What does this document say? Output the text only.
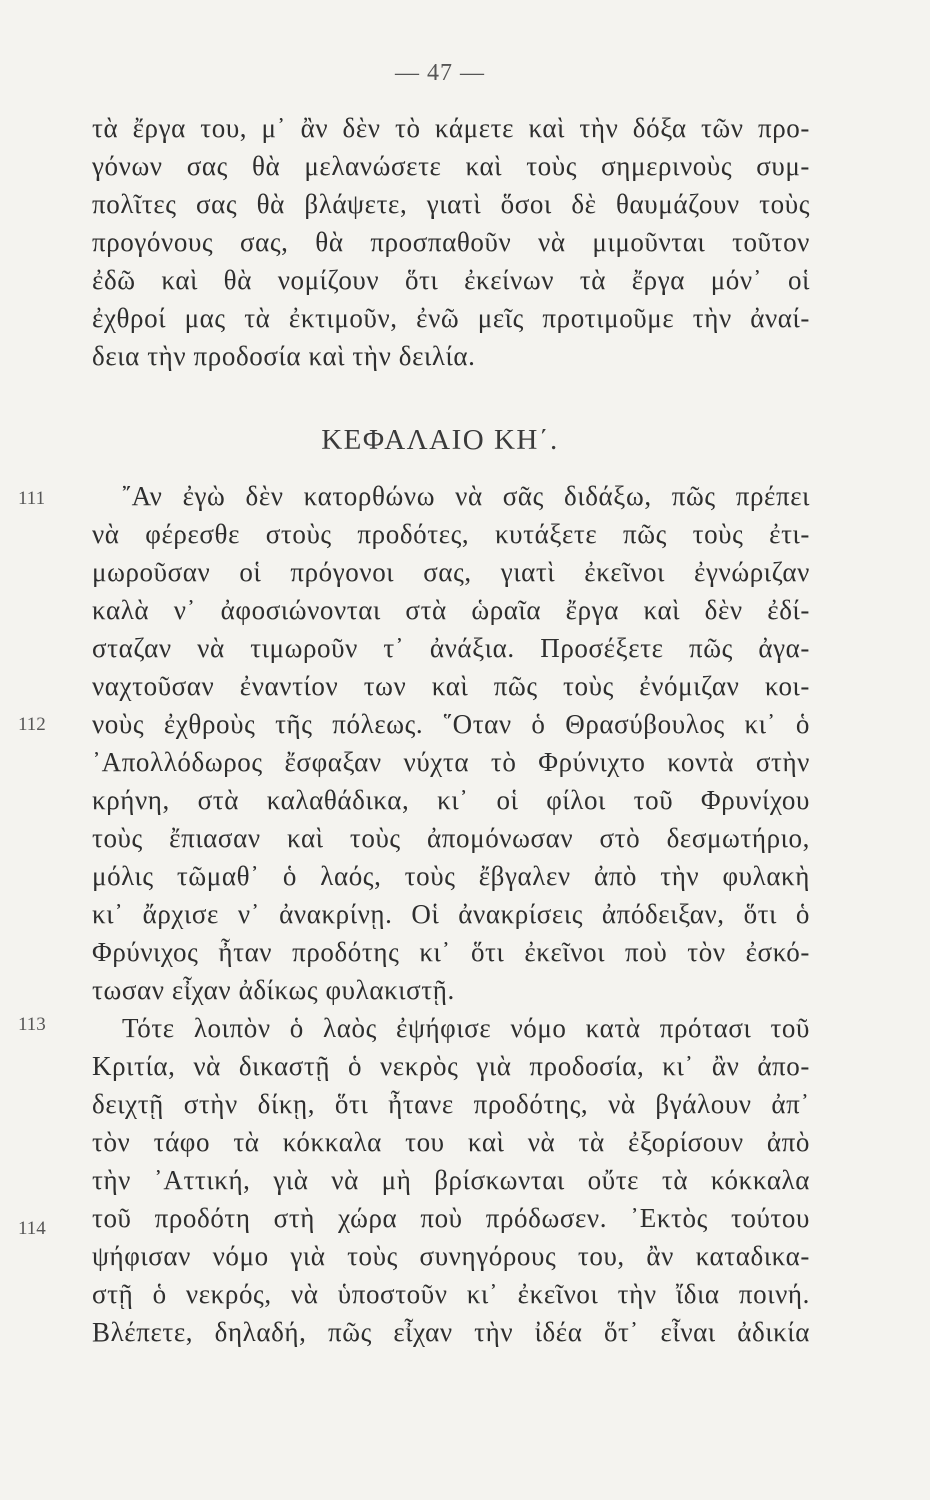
— 47 —
τὰ ἔργα του, μ᾽ ἂν δὲν τὸ κάμετε καὶ τὴν δόξα τῶν προ-
γόνων σας θὰ μελανώσετε καὶ τοὺς σημερινοὺς συμ-
πολῖτες σας θὰ βλάψετε, γιατὶ ὅσοι δὲ θαυμάζουν τοὺς
προγόνους σας, θὰ προσπαθοῦν νὰ μιμοῦνται τοῦτον
ἐδῶ καὶ θὰ νομίζουν ὅτι ἐκείνων τὰ ἔργα μόν᾽ οἱ
ἐχθροί μας τὰ ἐκτιμοῦν, ἐνῶ μεῖς προτιμοῦμε τὴν ἀναί-
δεια τὴν προδοσία καὶ τὴν δειλία.
ΚΕΦΑΛΑΙΟ ΚΗ΄.
111
112
113
114
῎Αν ἐγὼ δὲν κατορθώνω νὰ σᾶς διδάξω, πῶς πρέπει
νὰ φέρεσθε στοὺς προδότες, κυτάξετε πῶς τοὺς ἐτι-
μωροῦσαν οἱ πρόγονοι σας, γιατὶ ἐκεῖνοι ἐγνώριζαν
καλὰ ν᾽ ἀφοσιώνονται στὰ ὡραῖα ἔργα καὶ δὲν ἐδί-
σταζαν νὰ τιμωροῦν τ᾽ ἀνάξια. Προσέξετε πῶς ἀγα-
ναχτοῦσαν ἐναντίον των καὶ πῶς τοὺς ἐνόμιζαν κοι-
νοὺς ἐχθροὺς τῆς πόλεως. ῞Οταν ὁ Θρασύβουλος κι᾽ ὁ
᾽Απολλόδωρος ἔσφαξαν νύχτα τὸ Φρύνιχτο κοντὰ στὴν
κρήνη, στὰ καλαθάδικα, κι᾽ οἱ φίλοι τοῦ Φρυνίχου
τοὺς ἔπιασαν καὶ τοὺς ἀπομόνωσαν στὸ δεσμωτήριο,
μόλις τῶμαθ᾽ ὁ λαός, τοὺς ἔβγαλεν ἀπὸ τὴν φυλακὴ
κι᾽ ἄρχισε ν᾽ ἀνακρίνῃ. Οἱ ἀνακρίσεις ἀπόδειξαν, ὅτι ὁ
Φρύνιχος ἦταν προδότης κι᾽ ὅτι ἐκεῖνοι ποὺ τὸν ἐσκό-
τωσαν εἶχαν ἀδίκως φυλακιστῇ.
Τότε λοιπὸν ὁ λαὸς ἐψήφισε νόμο κατὰ πρότασι τοῦ
Κριτία, νὰ δικαστῇ ὁ νεκρὸς γιὰ προδοσία, κι᾽ ἂν ἀπο-
δειχτῇ στὴν δίκῃ, ὅτι ἦτανε προδότης, νὰ βγάλουν ἀπ᾽
τὸν τάφο τὰ κόκκαλα του καὶ νὰ τὰ ἐξορίσουν ἀπὸ
τὴν ᾽Αττική, γιὰ νὰ μὴ βρίσκωνται οὔτε τὰ κόκκαλα
τοῦ προδότη στὴ χώρα ποὺ πρόδωσεν. ᾽Εκτὸς τούτου
ψήφισαν νόμο γιὰ τοὺς συνηγόρους του, ἂν καταδικα-
στῇ ὁ νεκρός, νὰ ὑποστοῦν κι᾽ ἐκεῖνοι τὴν ἴδια ποινή.
Βλέπετε, δηλαδή, πῶς εἶχαν τὴν ἰδέα ὅτ᾽ εἶναι ἀδικία
